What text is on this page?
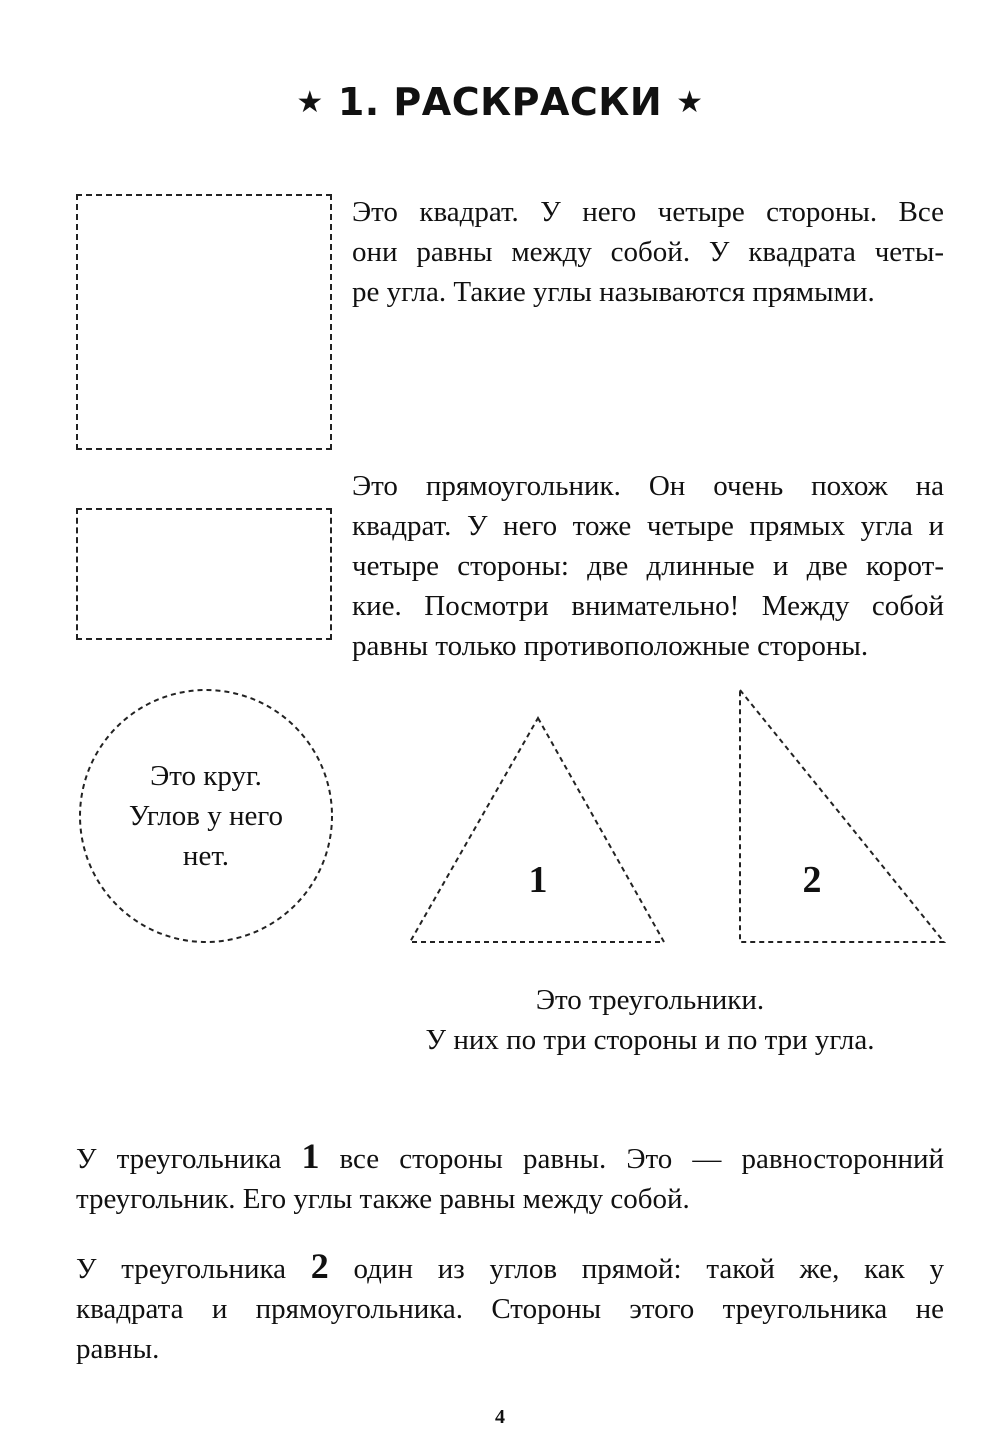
★ 1. РАСКРАСКИ ★
Это квадрат. У него четыре стороны. Все
они равны между собой. У квадрата четы-
ре угла. Такие углы называются прямыми.
Это прямоугольник. Он очень похож на
квадрат. У него тоже четыре прямых угла и
четыре стороны: две длинные и две корот-
кие. Посмотри внимательно! Между собой
равны только противоположные стороны.
Это круг.
Углов у него
нет.
1	2
Это треугольники.
У них по три стороны и по три угла.
У треугольника 1 все стороны равны. Это — равносторонний
треугольник. Его углы также равны между собой.
У треугольника 2 один из углов прямой: такой же, как у
квадрата и прямоугольника. Стороны этого треугольника не
равны.
4
